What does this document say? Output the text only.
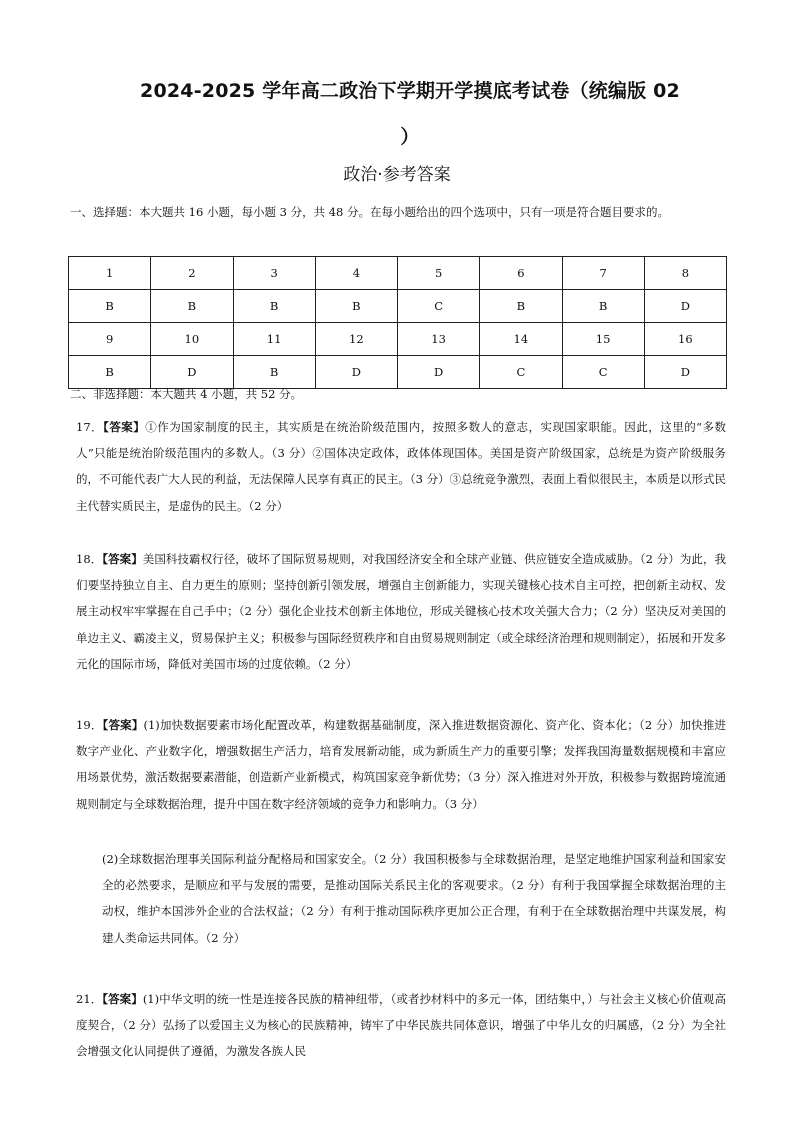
2024-2025 学年高二政治下学期开学摸底考试卷（统编版 02
）
政治·参考答案
一、选择题：本大题共 16 小题，每小题 3 分，共 48 分。在每小题给出的四个选项中，只有一项是符合题目要求的。
1	2	3	4	5	6	7	8
B	B	B	B	C	B	B	D
9	10	11	12	13	14	15	16
B	D	B	D	D	C	C	D
二、非选择题：本大题共 4 小题，共 52 分。
17．【答案】①作为国家制度的民主，其实质是在统治阶级范围内，按照多数人的意志，实现国家职能。因此，这里的“多数人”只能是统治阶级范围内的多数人。（3 分）②国体决定政体，政体体现国体。美国是资产阶级国家，总统是为资产阶级服务的，不可能代表广大人民的利益，无法保障人民享有真正的民主。（3 分）③总统竞争激烈，表面上看似很民主，本质是以形式民主代替实质民主，是虚伪的民主。（2 分）
18．【答案】美国科技霸权行径，破坏了国际贸易规则，对我国经济安全和全球产业链、供应链安全造成威胁。（2 分）为此，我们要坚持独立自主、自力更生的原则；坚持创新引领发展，增强自主创新能力，实现关键核心技术自主可控，把创新主动权、发展主动权牢牢掌握在自己手中；（2 分）强化企业技术创新主体地位，形成关键核心技术攻关强大合力；（2 分）坚决反对美国的单边主义、霸凌主义，贸易保护主义；积极参与国际经贸秩序和自由贸易规则制定（或全球经济治理和规则制定），拓展和开发多元化的国际市场，降低对美国市场的过度依赖。（2 分）
19．【答案】(1)加快数据要素市场化配置改革，构建数据基础制度，深入推进数据资源化、资产化、资本化；（2 分）加快推进数字产业化、产业数字化，增强数据生产活力，培育发展新动能，成为新质生产力的重要引擎；发挥我国海量数据规模和丰富应用场景优势，激活数据要素潜能，创造新产业新模式，构筑国家竞争新优势；（3 分）深入推进对外开放，积极参与数据跨境流通规则制定与全球数据治理，提升中国在数字经济领域的竞争力和影响力。（3 分）
(2)全球数据治理事关国际利益分配格局和国家安全。（2 分）我国积极参与全球数据治理，是坚定地维护国家利益和国家安全的必然要求，是顺应和平与发展的需要，是推动国际关系民主化的客观要求。（2 分）有利于我国掌握全球数据治理的主动权，维护本国涉外企业的合法权益；（2 分）有利于推动国际秩序更加公正合理，有利于在全球数据治理中共谋发展，构建人类命运共同体。（2 分）
21．【答案】(1)中华文明的统一性是连接各民族的精神纽带，（或者抄材料中的多元一体，团结集中，）与社会主义核心价值观高度契合，（2 分）弘扬了以爱国主义为核心的民族精神，铸牢了中华民族共同体意识，增强了中华儿女的归属感，（2 分）为全社会增强文化认同提供了遵循，为激发各族人民
